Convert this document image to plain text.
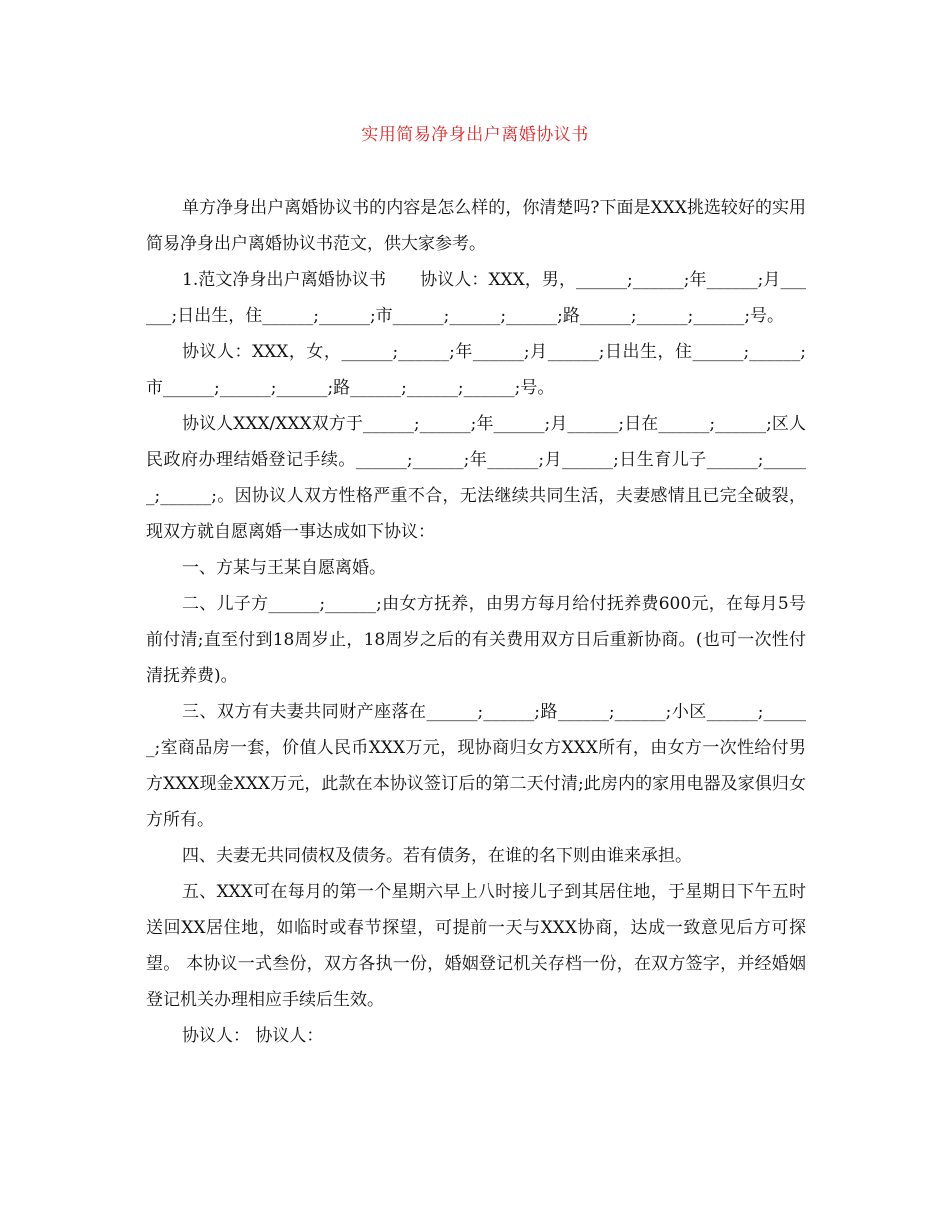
实用简易净身出户离婚协议书

单方净身出户离婚协议书的内容是怎么样的，你清楚吗?下面是XXX挑选较好的实用简易净身出户离婚协议书范文，供大家参考。

1.范文净身出户离婚协议书　　协议人：XXX，男，______;______;年______;月______;日出生，住______;______;市______;______;______;路______;______;______;号。

协议人：XXX，女，______;______;年______;月______;日出生，住______;______;市______;______;______;路______;______;______;号。

协议人XXX/XXX双方于______;______;年______;月______;日在______;______;区人民政府办理结婚登记手续。______;______;年______;月______;日生育儿子______;______;______;。因协议人双方性格严重不合，无法继续共同生活，夫妻感情且已完全破裂，现双方就自愿离婚一事达成如下协议：

一、方某与王某自愿离婚。

二、儿子方______;______;由女方抚养，由男方每月给付抚养费600元，在每月5号前付清;直至付到18周岁止，18周岁之后的有关费用双方日后重新协商。(也可一次性付清抚养费)。

三、双方有夫妻共同财产座落在______;______;路______;______;小区______;______;室商品房一套，价值人民币XXX万元，现协商归女方XXX所有，由女方一次性给付男方XXX现金XXX万元，此款在本协议签订后的第二天付清;此房内的家用电器及家俱归女方所有。

四、夫妻无共同债权及债务。若有债务，在谁的名下则由谁来承担。

五、XXX可在每月的第一个星期六早上八时接儿子到其居住地，于星期日下午五时送回XX居住地，如临时或春节探望，可提前一天与XXX协商，达成一致意见后方可探望。 本协议一式叁份，双方各执一份，婚姻登记机关存档一份，在双方签字，并经婚姻登记机关办理相应手续后生效。

协议人： 协议人：
